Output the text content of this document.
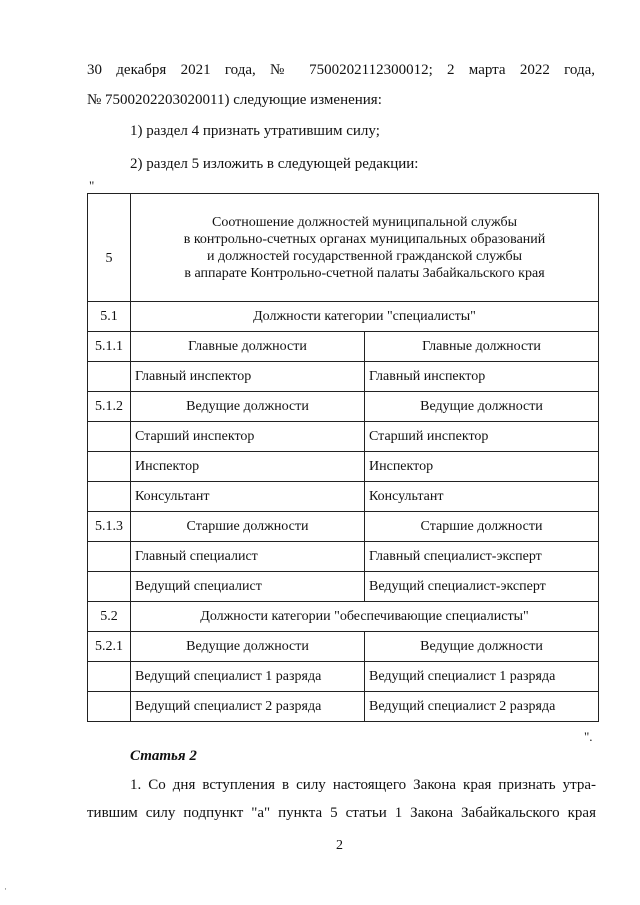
30 декабря 2021 года, № 7500202112300012; 2 марта 2022 года,
№ 7500202203020011) следующие изменения:
1) раздел 4 признать утратившим силу;
2) раздел 5 изложить в следующей редакции:
"
5	Соотношение должностей муниципальной службы
в контрольно-счетных органах муниципальных образований
и должностей государственной гражданской службы
в аппарате Контрольно-счетной палаты Забайкальского края	

5.1	Должности категории "специалисты"	
5.1.1	Главные должности	Главные должности
	Главный инспектор	Главный инспектор
5.1.2	Ведущие должности	Ведущие должности
	Старший инспектор	Старший инспектор
	Инспектор	Инспектор
	Консультант	Консультант
5.1.3	Старшие должности	Старшие должности
	Главный специалист	Главный специалист-эксперт
	Ведущий специалист	Ведущий специалист-эксперт
5.2	Должности категории "обеспечивающие специалисты"	
5.2.1	Ведущие должности	Ведущие должности
	Ведущий специалист 1 разряда	Ведущий специалист 1 разряда
	Ведущий специалист 2 разряда	Ведущий специалист 2 разряда
".
Статья 2
1. Со дня вступления в силу настоящего Закона края признать утра-
тившим силу подпункт "а" пункта 5 статьи 1 Закона Забайкальского края
2
·
